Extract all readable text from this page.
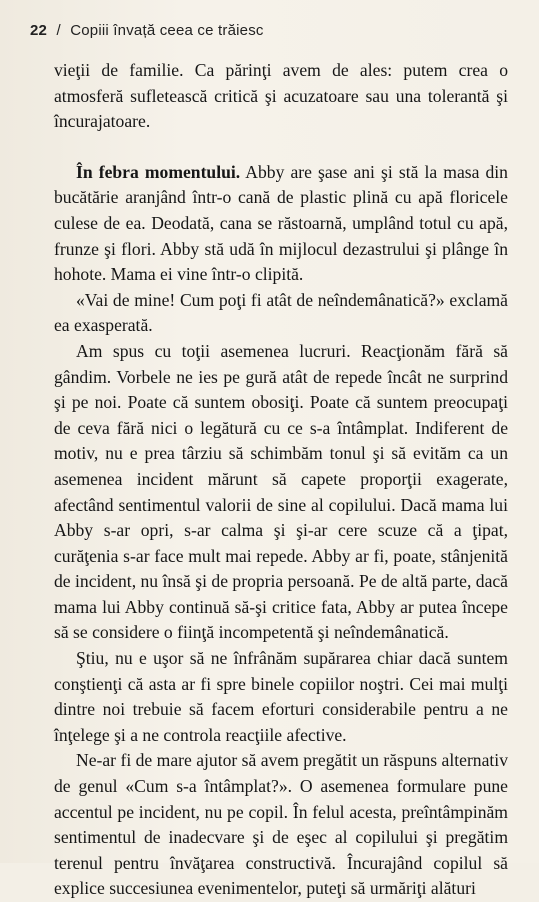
22 / Copiii învață ceea ce trăiesc

vieţii de familie. Ca părinţi avem de ales: putem crea o atmosferă sufletească critică şi acuzatoare sau una tolerantă şi încurajatoare.

În febra momentului. Abby are şase ani şi stă la masa din bucătărie aranjând într-o cană de plastic plină cu apă floricele culese de ea. Deodată, cana se răstoarnă, umplând totul cu apă, frunze şi flori. Abby stă udă în mijlocul dezastrului şi plânge în hohote. Mama ei vine într-o clipită.

«Vai de mine! Cum poţi fi atât de neîndemânatică?» exclamă ea exasperată.

Am spus cu toţii asemenea lucruri. Reacţionăm fără să gândim. Vorbele ne ies pe gură atât de repede încât ne surprind şi pe noi. Poate că suntem obosiţi. Poate că suntem preocupaţi de ceva fără nici o legătură cu ce s-a întâmplat. Indiferent de motiv, nu e prea târziu să schimbăm tonul şi să evităm ca un asemenea incident mărunt să capete proporţii exagerate, afectând sentimentul valorii de sine al copilului. Dacă mama lui Abby s-ar opri, s-ar calma şi şi-ar cere scuze că a ţipat, curăţenia s-ar face mult mai repede. Abby ar fi, poate, stânjenită de incident, nu însă şi de propria persoană. Pe de altă parte, dacă mama lui Abby continuă să-şi critice fata, Abby ar putea începe să se considere o fiinţă incompetentă şi neîndemânatică.

Ştiu, nu e uşor să ne înfrânăm supărarea chiar dacă suntem conştienţi că asta ar fi spre binele copiilor noştri. Cei mai mulţi dintre noi trebuie să facem eforturi considerabile pentru a ne înţelege şi a ne controla reacţiile afective.

Ne-ar fi de mare ajutor să avem pregătit un răspuns alternativ de genul «Cum s-a întâmplat?». O asemenea formulare pune accentul pe incident, nu pe copil. În felul acesta, preîntâmpinăm sentimentul de inadecvare şi de eşec al copilului şi pregătim terenul pentru învăţarea constructivă. Încurajând copilul să explice succesiunea evenimentelor, puteţi să urmăriţi alături
